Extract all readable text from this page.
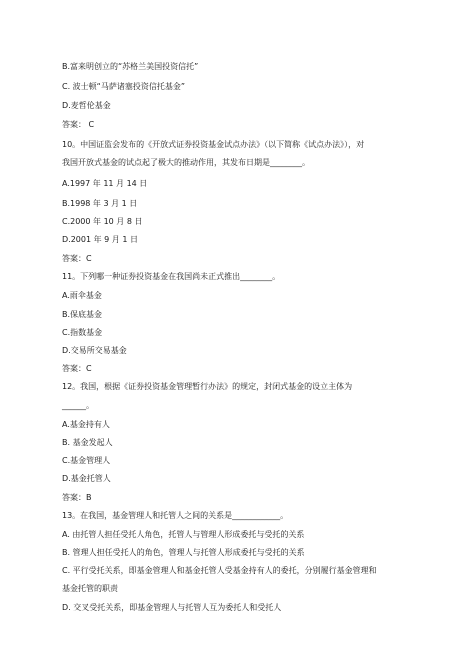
B.富来明创立的“苏格兰美国投资信托”

C. 波士顿“马萨诸塞投资信托基金”

D.麦哲伦基金

答案： C

10。中国证监会发布的《开放式证券投资基金试点办法》（以下简称《试点办法》），对

我国开放式基金的试点起了极大的推动作用，其发布日期是________。

A.1997 年 11 月 14 日

B.1998 年 3 月 1 日

C.2000 年 10 月 8 日

D.2001 年 9 月 1 日

答案：C

11。下列哪一种证券投资基金在我国尚未正式推出________。

A.雨伞基金

B.保底基金

C.指数基金

D.交易所交易基金

答案：C

12。我国，根据《证券投资基金管理暂行办法》的规定，封闭式基金的设立主体为

______。

A.基金持有人

B. 基金发起人

C.基金管理人

D.基金托管人

答案：B

13。在我国，基金管理人和托管人之间的关系是____________。

A. 由托管人担任受托人角色，托管人与管理人形成委托与受托的关系

B. 管理人担任受托人的角色，管理人与托管人形成委托与受托的关系

C. 平行受托关系，即基金管理人和基金托管人受基金持有人的委托，分别履行基金管理和

基金托管的职责

D. 交叉受托关系，即基金管理人与托管人互为委托人和受托人
